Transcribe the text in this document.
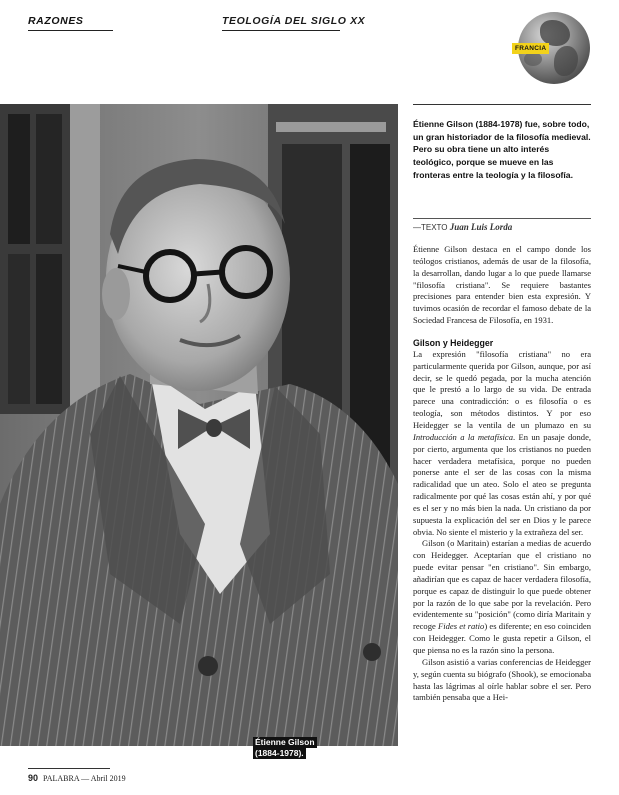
RAZONES	TEOLOGÍA DEL SIGLO XX
FRANCIA
Étienne Gilson
(1884-1978).
Étienne Gilson (1884-1978) fue, sobre todo, un gran historiador de la filosofía medieval. Pero su obra tiene un alto interés teológico, porque se mueve en las fronteras entre la teología y la filosofía.
—TEXTO Juan Luis Lorda

Étienne Gilson destaca en el campo donde los teólogos cristianos, además de usar de la filosofía, la desarrollan, dando lugar a lo que puede llamarse "filosofía cristiana". Se requiere bastantes precisiones para entender bien esta expresión. Y tuvimos ocasión de recordar el famoso debate de la Sociedad Francesa de Filosofía, en 1931.

Gilson y Heidegger

La expresión "filosofía cristiana" no era particularmente querida por Gilson, aunque, por así decir, se le quedó pegada, por la mucha atención que le prestó a lo largo de su vida. De entrada parece una contradicción: o es filosofía o es teología, son métodos distintos. Y por eso Heidegger se la ventila de un plumazo en su Introducción a la metafísica. En un pasaje donde, por cierto, argumenta que los cristianos no pueden hacer verdadera metafísica, porque no pueden ponerse ante el ser de las cosas con la misma radicalidad que un ateo. Solo el ateo se pregunta radicalmente por qué las cosas están ahí, y por qué es el ser y no más bien la nada. Un cristiano da por supuesta la explicación del ser en Dios y le parece obvia. No siente el misterio y la extrañeza del ser.

Gilson (o Maritain) estarían a medias de acuerdo con Heidegger. Aceptarían que el cristiano no puede evitar pensar "en cristiano". Sin embargo, añadirían que es capaz de hacer verdadera filosofía, porque es capaz de distinguir lo que puede obtener por la razón de lo que sabe por la revelación. Pero evidentemente su "posición" (como diría Maritain y recoge Fides et ratio) es diferente; en eso coinciden con Heidegger. Como le gusta repetir a Gilson, el que piensa no es la razón sino la persona.

Gilson asistió a varias conferencias de Heidegger y, según cuenta su biógrafo (Shook), se emocionaba hasta las lágrimas al oírle hablar sobre el ser. Pero también pensaba que a Hei-

90 PALABRA — Abril 2019
